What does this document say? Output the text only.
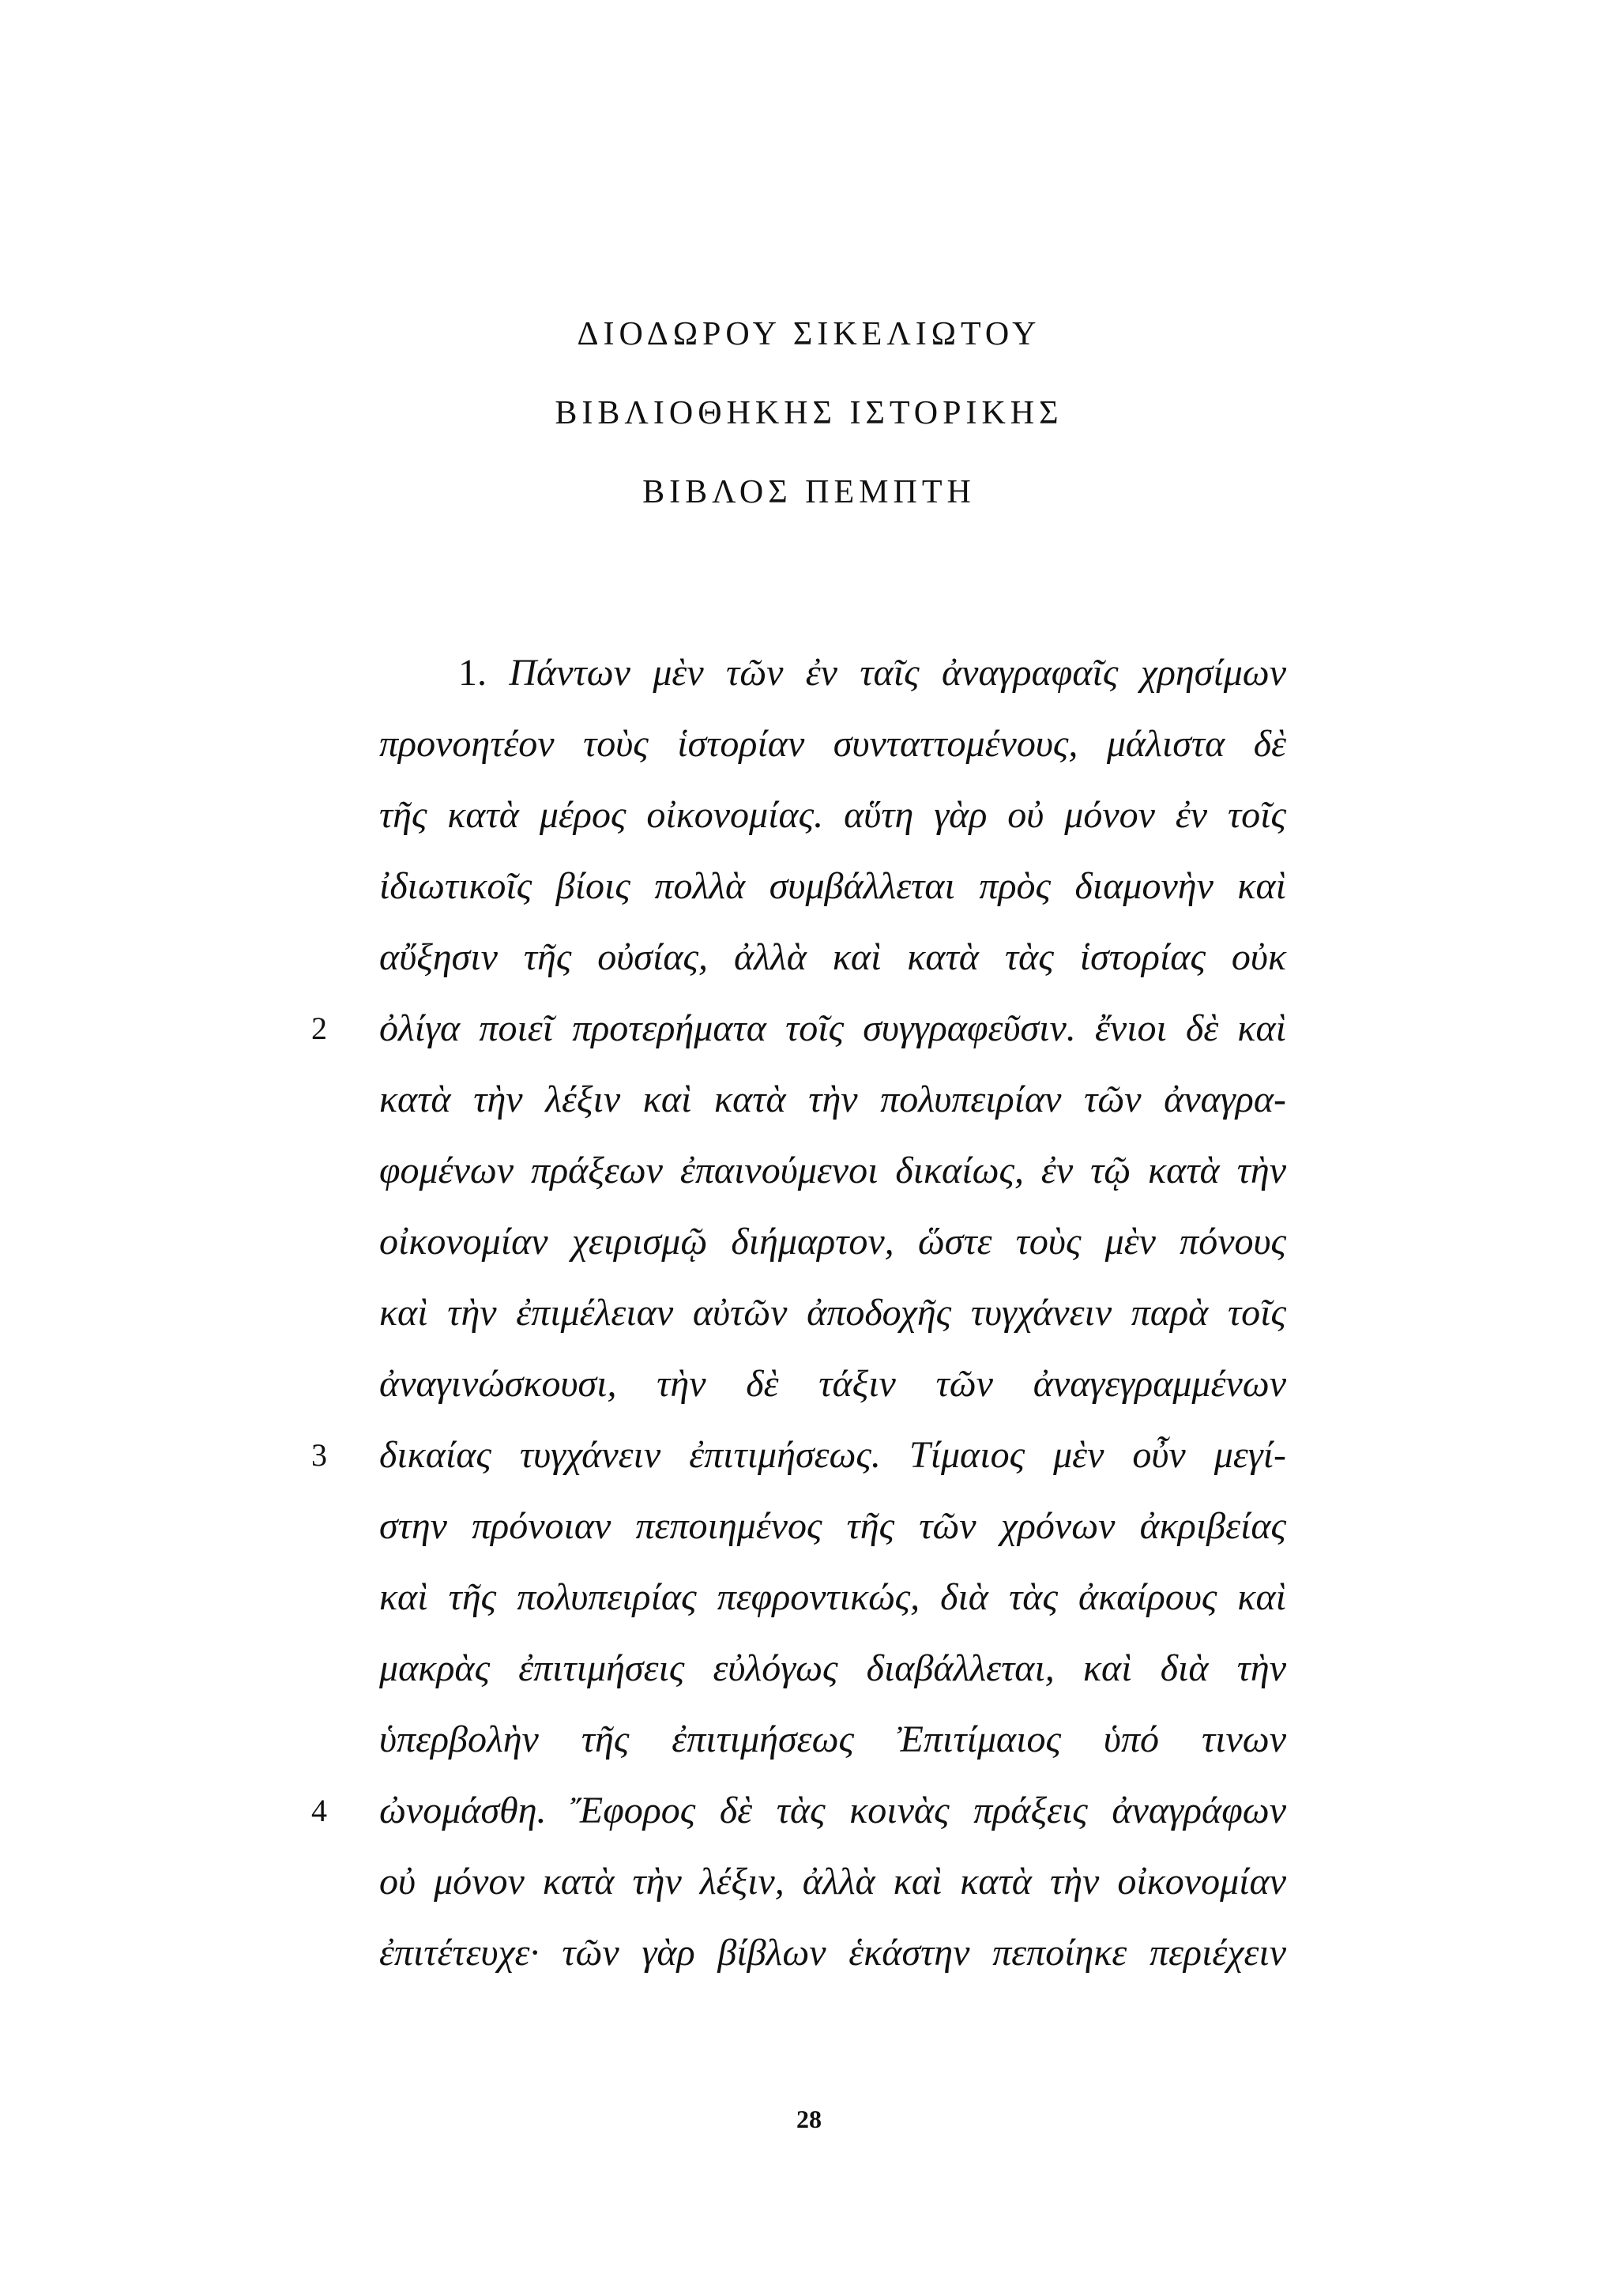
ΔΙΟΔΩΡΟΥ ΣΙΚΕΛΙΩΤΟΥ
ΒΙΒΛΙΟΘΗΚΗΣ ΙΣΤΟΡΙΚΗΣ
ΒΙΒΛΟΣ ΠΕΜΠΤΗ
1. Πάντων μὲν τῶν ἐν ταῖς ἀναγραφαῖς χρησίμων
προνοητέον τοὺς ἱστορίαν συνταττομένους, μάλιστα δὲ
τῆς κατὰ μέρος οἰκονομίας. αὕτη γὰρ οὐ μόνον ἐν τοῖς
ἰδιωτικοῖς βίοις πολλὰ συμβάλλεται πρὸς διαμονὴν καὶ
αὔξησιν τῆς οὐσίας, ἀλλὰ καὶ κατὰ τὰς ἱστορίας οὐκ
ὀλίγα ποιεῖ προτερήματα τοῖς συγγραφεῦσιν. ἔνιοι δὲ καὶ
κατὰ τὴν λέξιν καὶ κατὰ τὴν πολυπειρίαν τῶν ἀναγρα-
φομένων πράξεων ἐπαινούμενοι δικαίως, ἐν τῷ κατὰ τὴν
οἰκονομίαν χειρισμῷ διήμαρτον, ὥστε τοὺς μὲν πόνους
καὶ τὴν ἐπιμέλειαν αὐτῶν ἀποδοχῆς τυγχάνειν παρὰ τοῖς
ἀναγινώσκουσι, τὴν δὲ τάξιν τῶν ἀναγεγραμμένων
δικαίας τυγχάνειν ἐπιτιμήσεως. Τίμαιος μὲν οὖν μεγί-
στην πρόνοιαν πεποιημένος τῆς τῶν χρόνων ἀκριβείας
καὶ τῆς πολυπειρίας πεφροντικώς, διὰ τὰς ἀκαίρους καὶ
μακρὰς ἐπιτιμήσεις εὐλόγως διαβάλλεται, καὶ διὰ τὴν
ὑπερβολὴν τῆς ἐπιτιμήσεως Ἐπιτίμαιος ὑπό τινων
ὠνομάσθη. Ἔφορος δὲ τὰς κοινὰς πράξεις ἀναγράφων
οὐ μόνον κατὰ τὴν λέξιν, ἀλλὰ καὶ κατὰ τὴν οἰκονομίαν
ἐπιτέτευχε· τῶν γὰρ βίβλων ἑκάστην πεποίηκε περιέχειν
2
3
4
28
